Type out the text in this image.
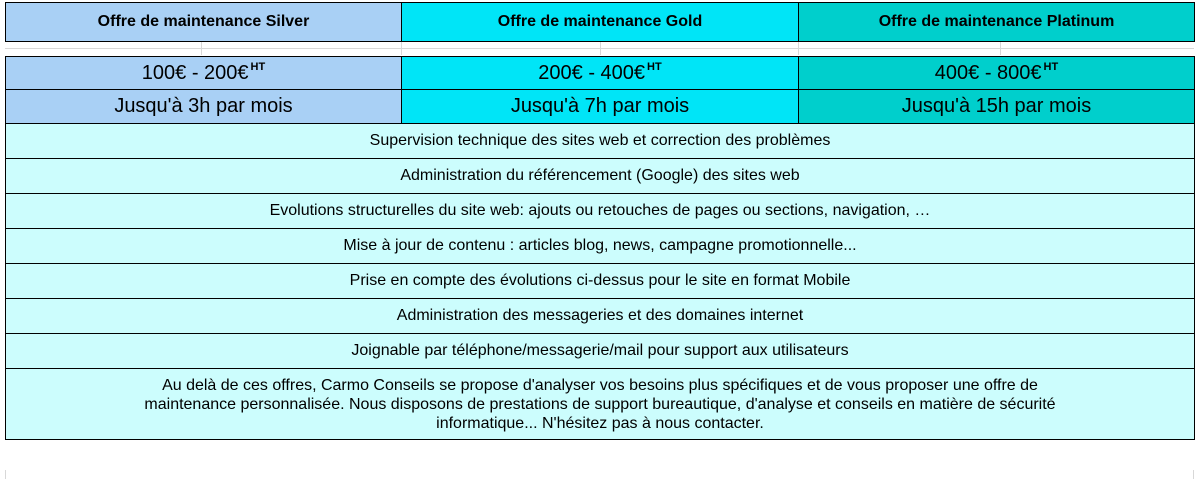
Offre de maintenance Silver	Offre de maintenance Gold	Offre de maintenance Platinum
100€ - 200€ $^{HT}$	200€ - 400€ $^{HT}$	400€ - 800€ $^{HT}$
Jusqu'à 3h par mois	Jusqu'à 7h par mois	Jusqu'à 15h par mois
Supervision technique des sites web et correction des problèmes		
Administration du référencement (Google) des sites web		
Evolutions structurelles du site web: ajouts ou retouches de pages ou sections, navigation, …		
Mise à jour de contenu : articles blog, news, campagne promotionnelle...		
Prise en compte des évolutions ci-dessus pour le site en format Mobile		
Administration des messageries et des domaines internet		
Joignable par téléphone/messagerie/mail pour support aux utilisateurs		
Au delà de ces offres, Carmo Conseils se propose d'analyser vos besoins plus spécifiques et de vous proposer une offre de
maintenance personnalisée. Nous disposons de prestations de support bureautique, d'analyse et conseils en matière de sécurité
informatique... N'hésitez pas à nous contacter.		
